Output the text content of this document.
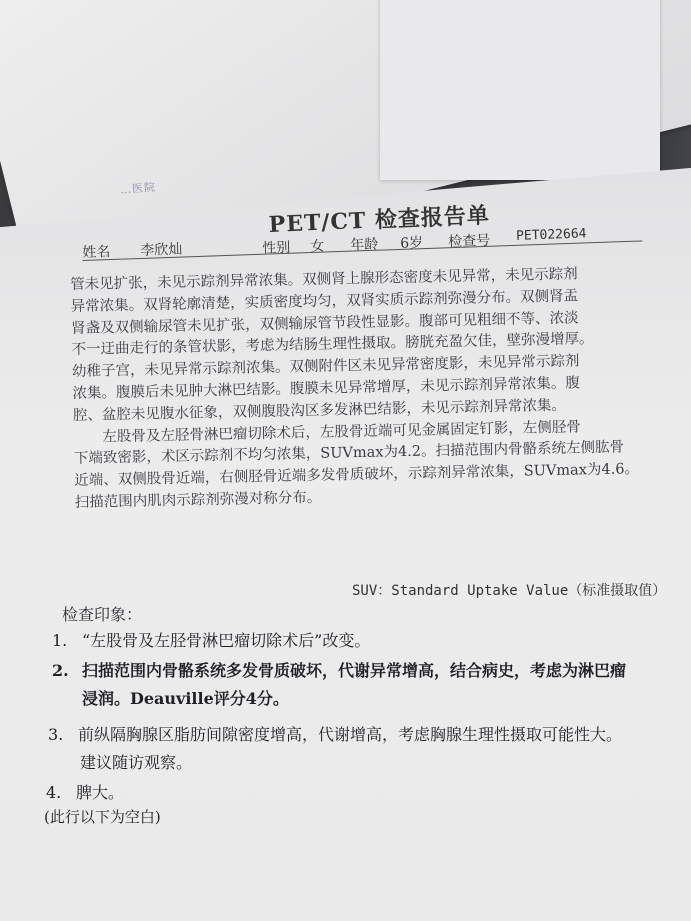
…医院
PET/CT 检查报告单
姓名 李欣灿	性别 女 年龄 6岁 检查号 PET022664
管未见扩张，未见示踪剂异常浓集。双侧肾上腺形态密度未见异常，未见示踪剂
异常浓集。双肾轮廓清楚，实质密度均匀，双肾实质示踪剂弥漫分布。双侧肾盂
肾盏及双侧输尿管未见扩张，双侧输尿管节段性显影。腹部可见粗细不等、浓淡
不一迂曲走行的条管状影，考虑为结肠生理性摄取。膀胱充盈欠佳，壁弥漫增厚。
幼稚子宫，未见异常示踪剂浓集。双侧附件区未见异常密度影，未见异常示踪剂
浓集。腹膜后未见肿大淋巴结影。腹膜未见异常增厚，未见示踪剂异常浓集。腹
腔、盆腔未见腹水征象，双侧腹股沟区多发淋巴结影，未见示踪剂异常浓集。
　　左股骨及左胫骨淋巴瘤切除术后，左股骨近端可见金属固定钉影，左侧胫骨
下端致密影，术区示踪剂不均匀浓集，SUVmax为4.2。扫描范围内骨骼系统左侧肱骨
近端、双侧股骨近端，右侧胫骨近端多发骨质破坏，示踪剂异常浓集，SUVmax为4.6。
扫描范围内肌肉示踪剂弥漫对称分布。
SUV：Standard Uptake Value（标准摄取值）
检查印象：
1. “左股骨及左胫骨淋巴瘤切除术后”改变。
2. 扫描范围内骨骼系统多发骨质破坏，代谢异常增高，结合病史，考虑为淋巴瘤
浸润。Deauville评分4分。
3. 前纵隔胸腺区脂肪间隙密度增高，代谢增高，考虑胸腺生理性摄取可能性大。
建议随访观察。
4. 脾大。
(此行以下为空白)
